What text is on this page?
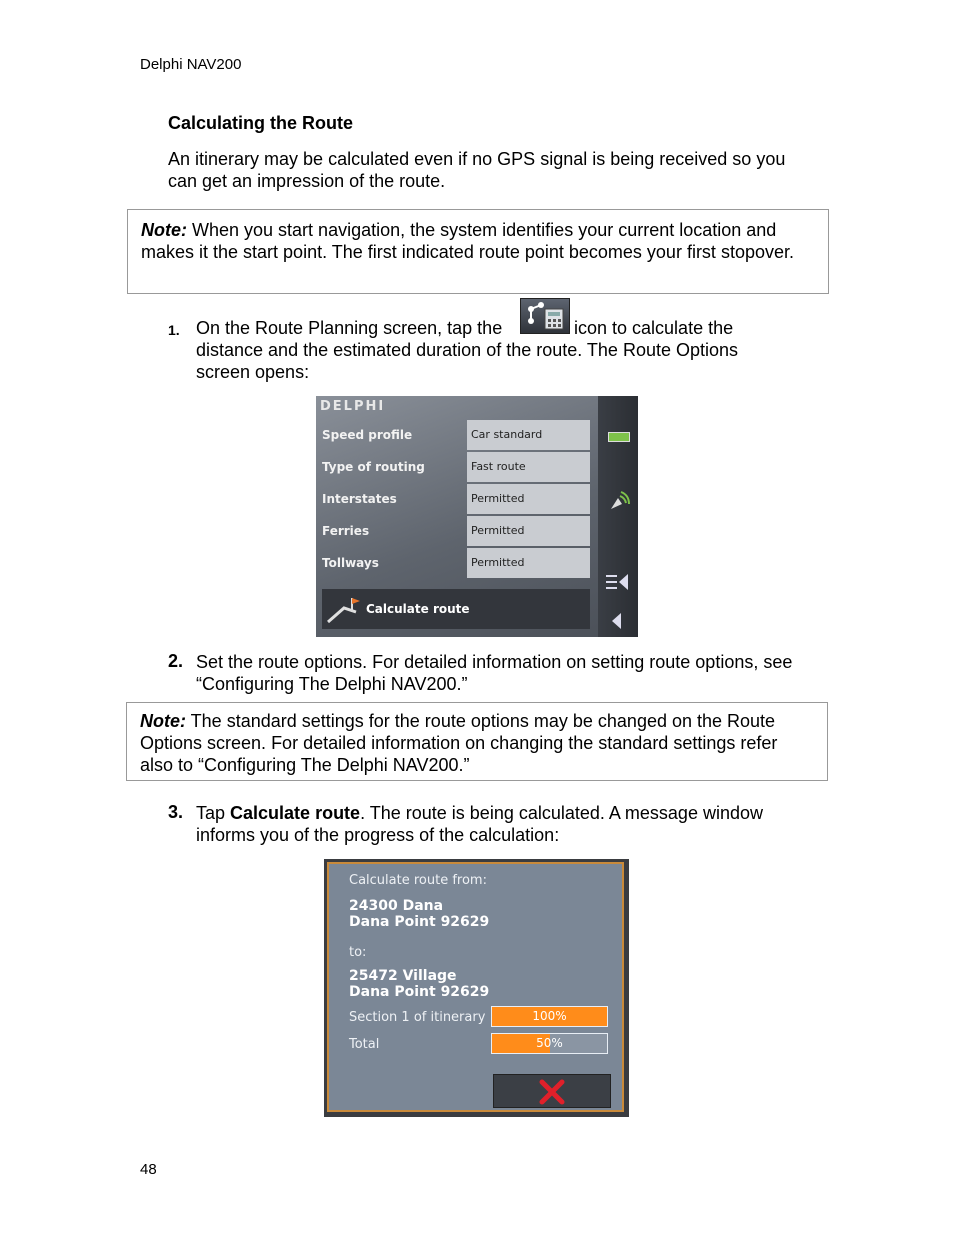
Delphi NAV200
Calculating the Route
An itinerary may be calculated even if no GPS signal is being received so you can get an impression of the route.
Note: When you start navigation, the system identifies your current location and makes it the start point. The first indicated route point becomes your first stopover.
1. On the Route Planning screen, tap the	icon to calculate the distance and the estimated duration of the route. The Route Options screen opens:
DELPHI
Speed profile	Car standard
Type of routing	Fast route
Interstates	Permitted
Ferries	Permitted
Tollways	Permitted
Calculate route
2. Set the route options. For detailed information on setting route options, see “Configuring The Delphi NAV200.”
Note: The standard settings for the route options may be changed on the Route Options screen. For detailed information on changing the standard settings refer also to “Configuring The Delphi NAV200.”
3. Tap Calculate route. The route is being calculated. A message window informs you of the progress of the calculation:
Calculate route from:
24300 Dana
Dana Point 92629
to:
25472 Village
Dana Point 92629
Section 1 of itinerary	100%
Total	50%
48
